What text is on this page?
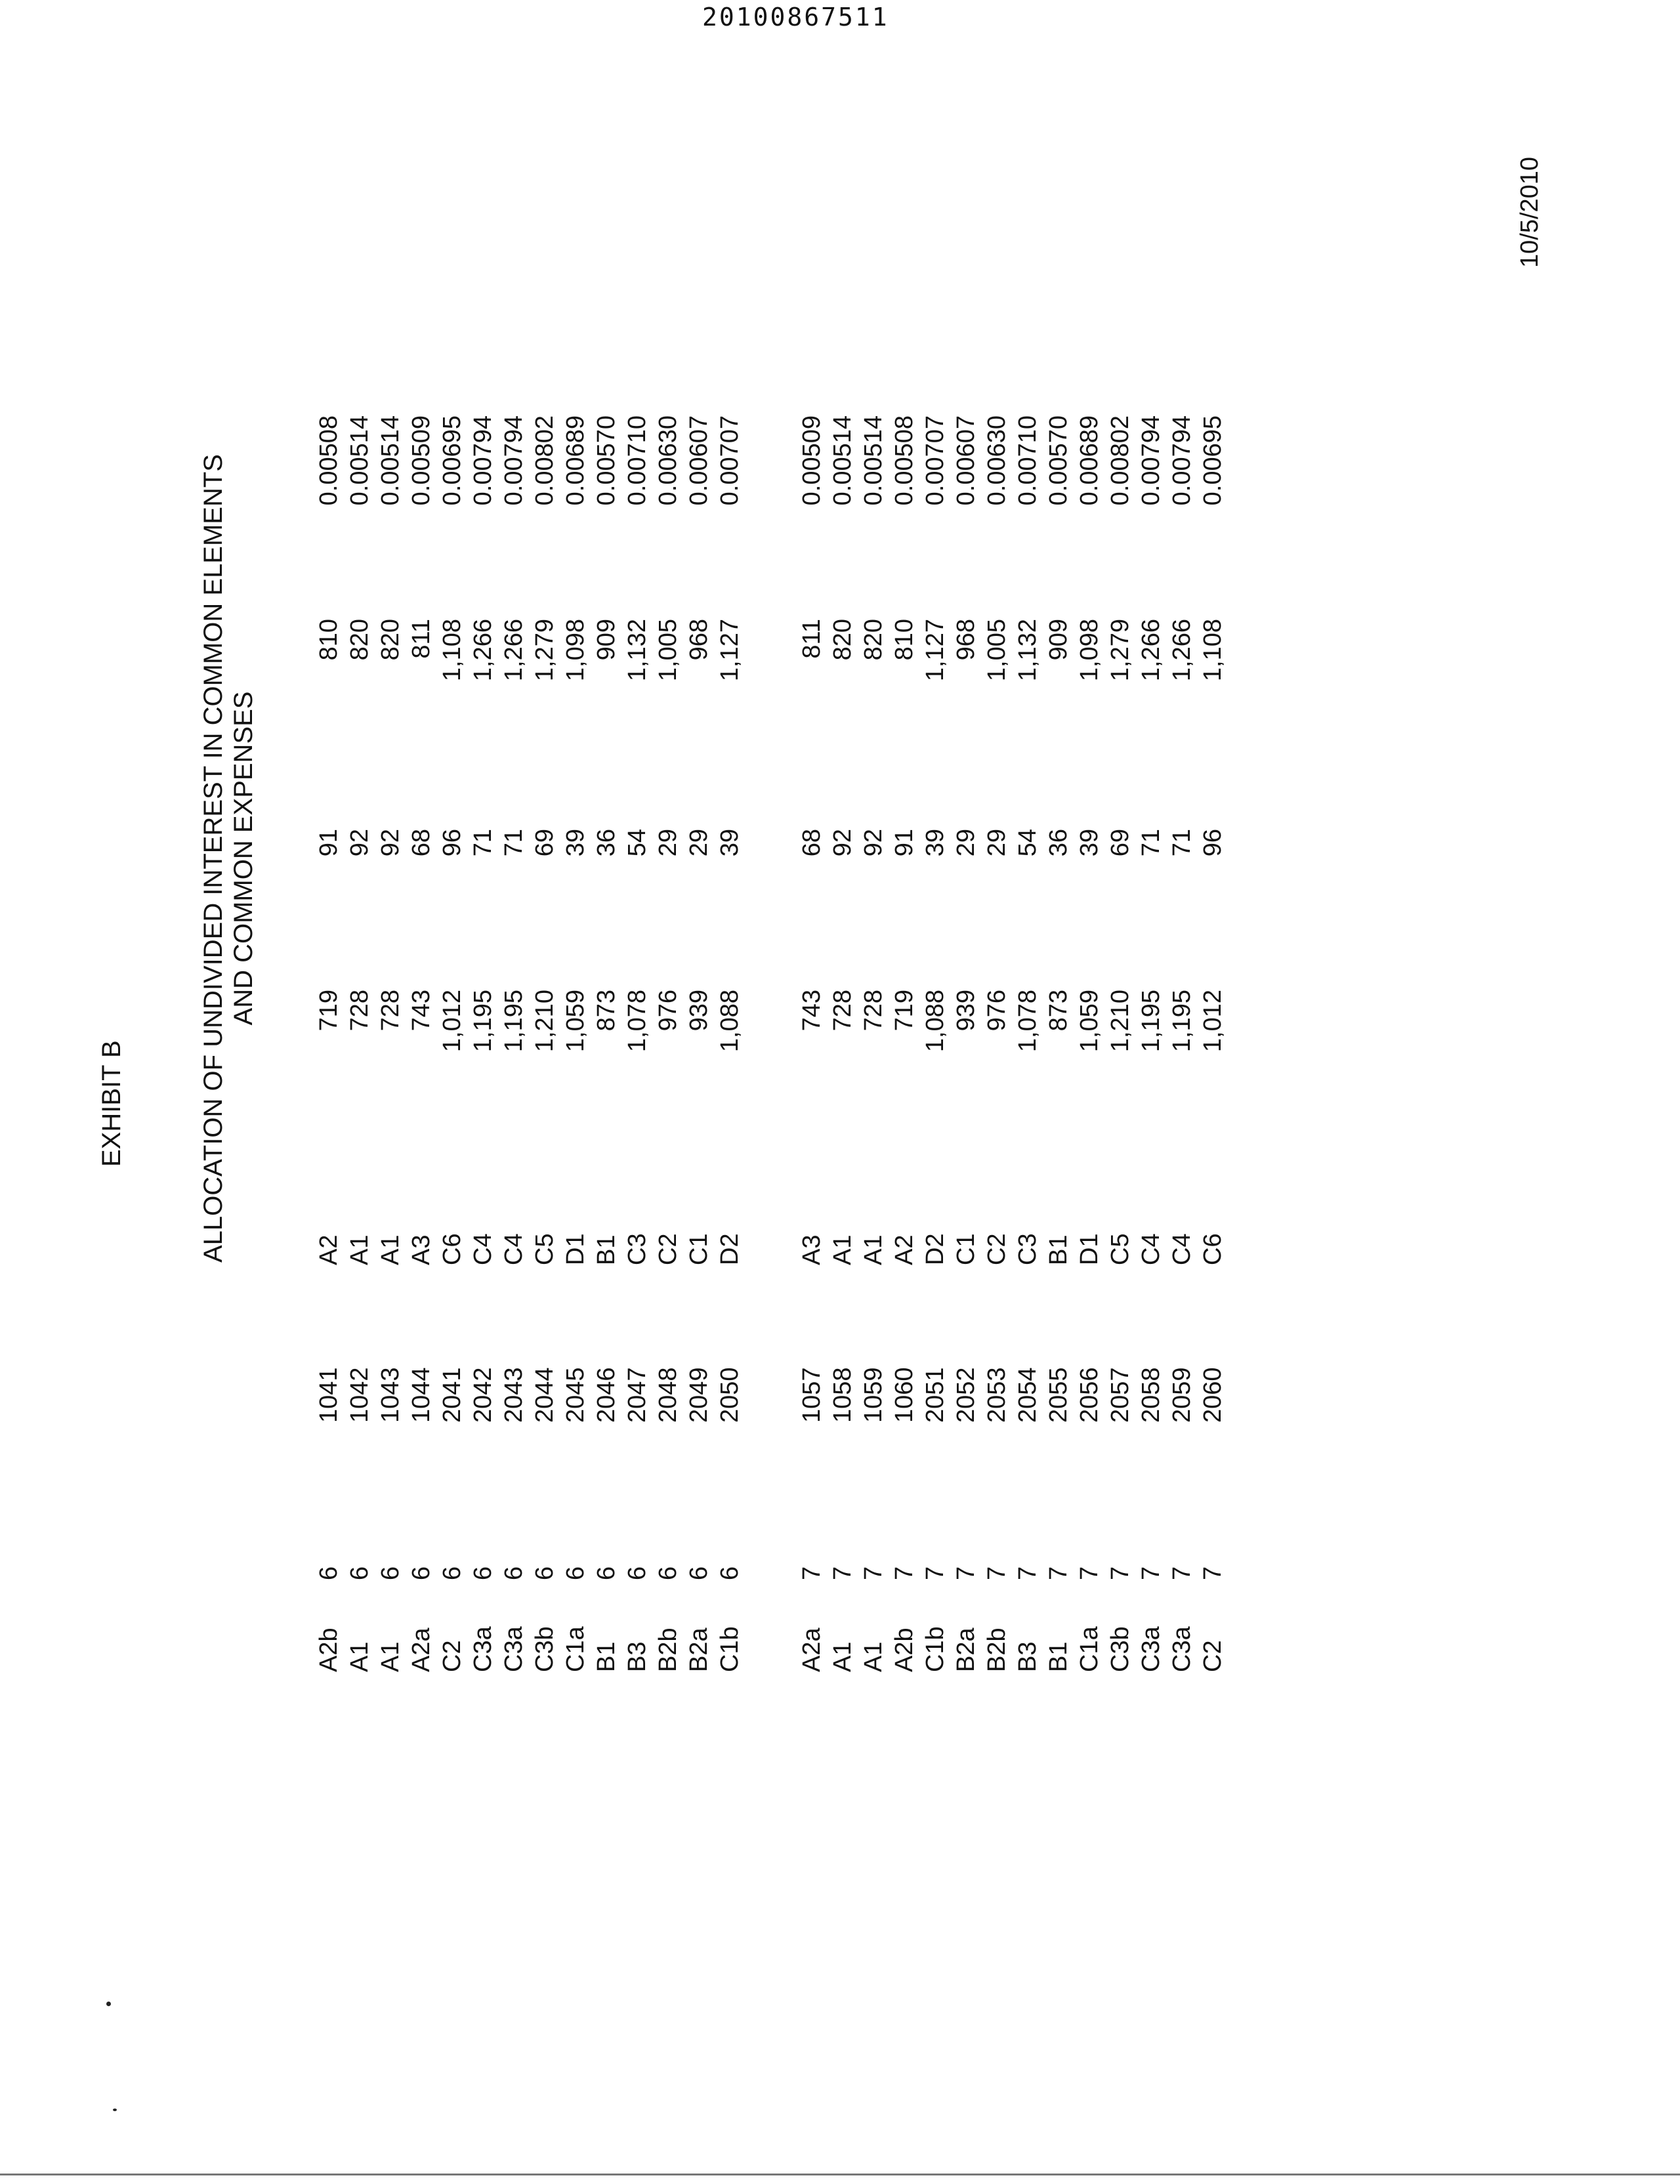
20100867511
10/5/2010
EXHIBIT B	ALLOCATION OF UNDIVIDED INTEREST IN COMMON ELEMENTS AND COMMON EXPENSES
A2b	6	1041	A2	719	91	810	0.00508
A1	6	1042	A1	728	92	820	0.00514
A1	6	1043	A1	728	92	820	0.00514
A2a	6	1044	A3	743	68	811	0.00509
C2	6	2041	C6	1,012	96	1,108	0.00695
C3a	6	2042	C4	1,195	71	1,266	0.00794
C3a	6	2043	C4	1,195	71	1,266	0.00794
C3b	6	2044	C5	1,210	69	1,279	0.00802
C1a	6	2045	D1	1,059	39	1,098	0.00689
B1	6	2046	B1	873	36	909	0.00570
B3	6	2047	C3	1,078	54	1,132	0.00710
B2b	6	2048	C2	976	29	1,005	0.00630
B2a	6	2049	C1	939	29	968	0.00607
C1b	6	2050	D2	1,088	39	1,127	0.00707

A2a	7	1057	A3	743	68	811	0.00509
A1	7	1058	A1	728	92	820	0.00514
A1	7	1059	A1	728	92	820	0.00514
A2b	7	1060	A2	719	91	810	0.00508
C1b	7	2051	D2	1,088	39	1,127	0.00707
B2a	7	2052	C1	939	29	968	0.00607
B2b	7	2053	C2	976	29	1,005	0.00630
B3	7	2054	C3	1,078	54	1,132	0.00710
B1	7	2055	B1	873	36	909	0.00570
C1a	7	2056	D1	1,059	39	1,098	0.00689
C3b	7	2057	C5	1,210	69	1,279	0.00802
C3a	7	2058	C4	1,195	71	1,266	0.00794
C3a	7	2059	C4	1,195	71	1,266	0.00794
C2	7	2060	C6	1,012	96	1,108	0.00695
